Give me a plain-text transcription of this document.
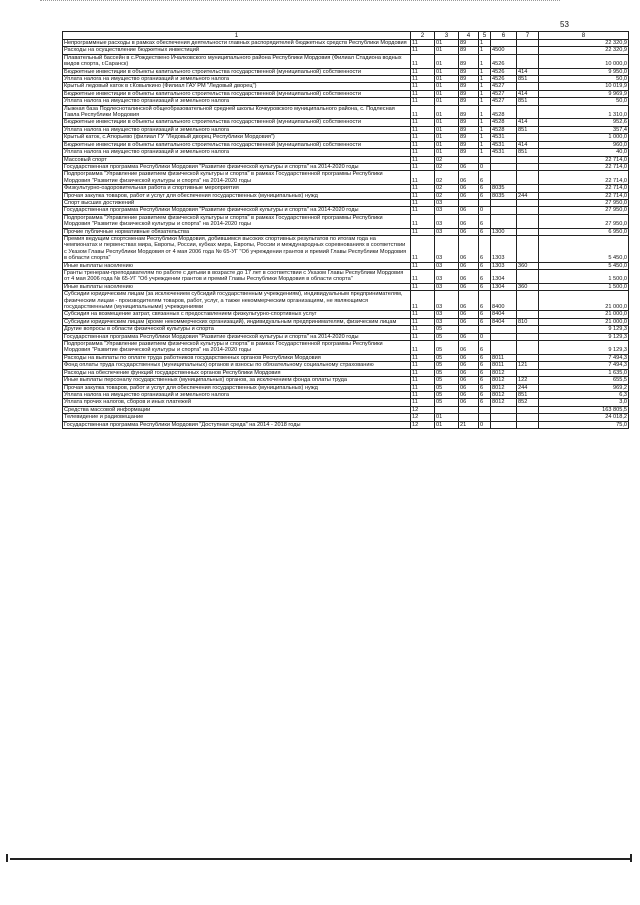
53
1	2	3	4	5	6	7	8
Непрограммные расходы в рамках обеспечения деятельности главных распорядителей бюджетных средств Республики Мордовия	11	01	89	1			22 320,9
Расходы на осуществление бюджетных инвестиций	11	01	89	1	4500		22 320,9
Плавательный бассейн в с.Рождествено Ичалковского муниципального района Республики Мордовия (Филиал Стадиона водных видов спорта, г.Саранск)	11	01	89	1	4526		10 000,0
Бюджетные инвестиции в объекты капитального строительства государственной (муниципальной) собственности	11	01	89	1	4526	414	9 950,0
Уплата налога на имущество организаций и земельного налога	11	01	89	1	4526	851	50,0
Крытый ледовый каток в г.Ковылкино (Филиал ГАУ РМ "Ледовый дворец")	11	01	89	1	4527		10 019,9
Бюджетные инвестиции в объекты капитального строительства государственной (муниципальной) собственности	11	01	89	1	4527	414	9 969,9
Уплата налога на имущество организаций и земельного налога	11	01	89	1	4527	851	50,0
Лыжная база Подлесноталинской общеобразовательной средней школы Кочкуровского муниципального района, с. Подлесная Тавла Республики Мордовия	11	01	89	1	4528		1 310,0
Бюджетные инвестиции в объекты капитального строительства государственной (муниципальной) собственности	11	01	89	1	4528	414	952,6
Уплата налога на имущество организаций и земельного налога	11	01	89	1	4528	851	357,4
Крытый каток, с.Атюрьево (филиал ГУ "Ледовый дворец Республики Мордовия")	11	01	89	1	4531		1 000,0
Бюджетные инвестиции в объекты капитального строительства государственной (муниципальной) собственности	11	01	89	1	4531	414	960,0
Уплата налога на имущество организаций и земельного налога	11	01	89	1	4531	851	40,0
Массовый спорт	11	02					22 714,0
Государственная программа Республики Мордовия "Развитие физической культуры и спорта" на 2014-2020 годы	11	02	06	0			22 714,0
Подпрограмма "Управление развитием физической культуры и спорта" в рамках Государственной программы Республики Мордовия "Развитие физической культуры и спорта" на 2014-2020 годы	11	02	06	6			22 714,0
Физкультурно-оздоровительная работа и спортивные мероприятия	11	02	06	6	8035		22 714,0
Прочая закупка товаров, работ и услуг для обеспечения государственных (муниципальных) нужд	11	02	06	6	8035	244	22 714,0
Спорт высших достижений	11	03					27 950,0
Государственная программа Республики Мордовия "Развитие физической культуры и спорта" на 2014-2020 годы	11	03	06	0			27 950,0
Подпрограмма "Управление развитием физической культуры и спорта" в рамках Государственной программы Республики Мордовия "Развитие физической культуры и спорта" на 2014-2020 годы	11	03	06	6			27 950,0
Прочие публичные нормативные обязательства	11	03	06	6	1300		6 950,0
Премия ведущим спортсменам Республики Мордовия, добившимся высоких спортивных результатов по итогам года на чемпионатах и первенствах мира, Европы, России, кубках мира, Европы, России и международных соревнованиях в соответствии с Указом Главы Республики Мордовия от 4 мая 2006 года № 65-УГ "Об учреждении грантов и премий Главы Республики Мордовия в области спорта"	11	03	06	6	1303		5 450,0
Иные выплаты населению	11	03	06	6	1303	360	5 450,0
Гранты тренерам-преподавателям по работе с детьми в возрасте до 17 лет в соответствии с Указом Главы Республики Мордовия от 4 мая 2006 года № 65-УГ "Об учреждении грантов и премий Главы Республики Мордовия в области спорта"	11	03	06	6	1304		1 500,0
Иные выплаты населению	11	03	06	6	1304	360	1 500,0
Субсидии юридическим лицам (за исключением субсидий государственным учреждениям), индивидуальным предпринимателям, физическим лицам - производителям товаров, работ, услуг, а также некоммерческим организациям, не являющимся государственными (муниципальными) учреждениями	11	03	06	6	8400		21 000,0
Субсидия на возмещение затрат, связанных с предоставлением физкультурно-спортивных услуг	11	03	06	6	8404		21 000,0
Субсидии юридическим лицам (кроме некоммерческих организаций), индивидуальным предпринимателям, физическим лицам	11	03	06	6	8404	810	21 000,0
Другие вопросы в области физической культуры и спорта	11	05					9 129,3
Государственная программа Республики Мордовия "Развитие физической культуры и спорта" на 2014-2020 годы	11	05	06	0			9 129,3
Подпрограмма "Управление развитием физической культуры и спорта" в рамках Государственной программы Республики Мордовия "Развитие физической культуры и спорта" на 2014-2020 годы	11	05	06	6			9 129,3
Расходы на выплаты по оплате труда работников государственных органов Республики Мордовия	11	05	06	6	8011		7 494,3
Фонд оплаты труда государственных (муниципальных) органов и взносы по обязательному социальному страхованию	11	05	06	6	8011	121	7 494,3
Расходы на обеспечение функций государственных органов Республики Мордовия	11	05	06	6	8012		1 635,0
Иные выплаты персоналу государственных (муниципальных) органов, за исключением фонда оплаты труда	11	05	06	6	8012	122	655,5
Прочая закупка товаров, работ и услуг для обеспечения государственных (муниципальных) нужд	11	05	06	6	8012	244	969,2
Уплата налога на имущество организаций и земельного налога	11	05	06	6	8012	851	6,3
Уплата прочих налогов, сборов и иных платежей	11	05	06	6	8012	852	3,0
Средства массовой информации	12						163 805,5
Телевидение и радиовещание	12	01					24 018,2
Государственная программа Республики Мордовия "Доступная среда" на 2014 - 2018 годы	12	01	21	0			75,0
